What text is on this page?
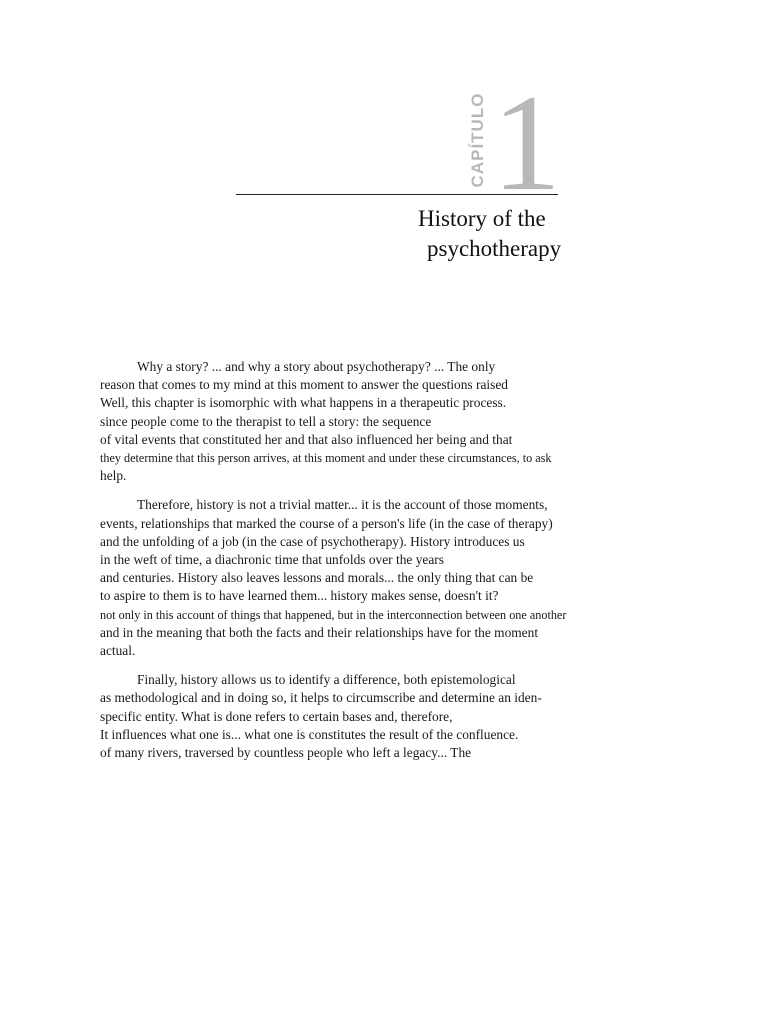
CAPÍTULO 1
History of the
psychotherapy

Why a story? ... and why a story about psychotherapy? ... The only
reason that comes to my mind at this moment to answer the questions raised
Well, this chapter is isomorphic with what happens in a therapeutic process.
since people come to the therapist to tell a story: the sequence
of vital events that constituted her and that also influenced her being and that
they determine that this person arrives, at this moment and under these circumstances, to ask
help.

Therefore, history is not a trivial matter... it is the account of those moments,
events, relationships that marked the course of a person's life (in the case of therapy)
and the unfolding of a job (in the case of psychotherapy). History introduces us
in the weft of time, a diachronic time that unfolds over the years
and centuries. History also leaves lessons and morals... the only thing that can be
to aspire to them is to have learned them... history makes sense, doesn't it?
not only in this account of things that happened, but in the interconnection between one another
and in the meaning that both the facts and their relationships have for the moment
actual.

Finally, history allows us to identify a difference, both epistemological
as methodological and in doing so, it helps to circumscribe and determine an iden-
specific entity. What is done refers to certain bases and, therefore,
It influences what one is... what one is constitutes the result of the confluence.
of many rivers, traversed by countless people who left a legacy... The
